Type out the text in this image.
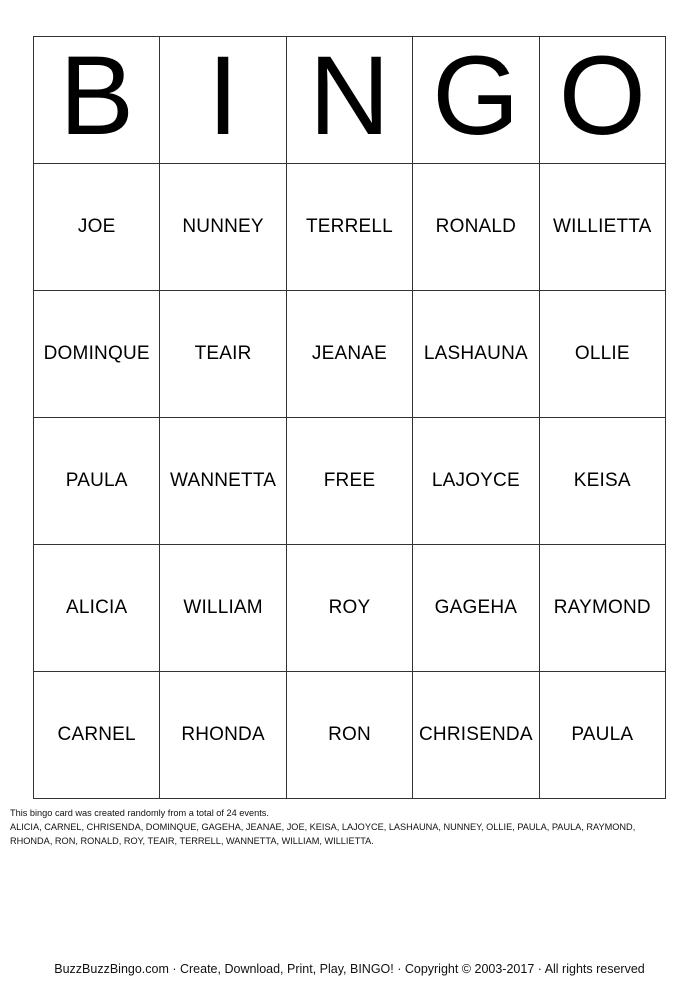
B	I	N	G	O
JOE	NUNNEY	TERRELL	RONALD	WILLIETTA
DOMINQUE	TEAIR	JEANAE	LASHAUNA	OLLIE
PAULA	WANNETTA	FREE	LAJOYCE	KEISA
ALICIA	WILLIAM	ROY	GAGEHA	RAYMOND
CARNEL	RHONDA	RON	CHRISENDA	PAULA
This bingo card was created randomly from a total of 24 events.
ALICIA, CARNEL, CHRISENDA, DOMINQUE, GAGEHA, JEANAE, JOE, KEISA, LAJOYCE, LASHAUNA, NUNNEY, OLLIE, PAULA, PAULA, RAYMOND,
RHONDA, RON, RONALD, ROY, TEAIR, TERRELL, WANNETTA, WILLIAM, WILLIETTA.
BuzzBuzzBingo.com · Create, Download, Print, Play, BINGO! · Copyright © 2003-2017 · All rights reserved
